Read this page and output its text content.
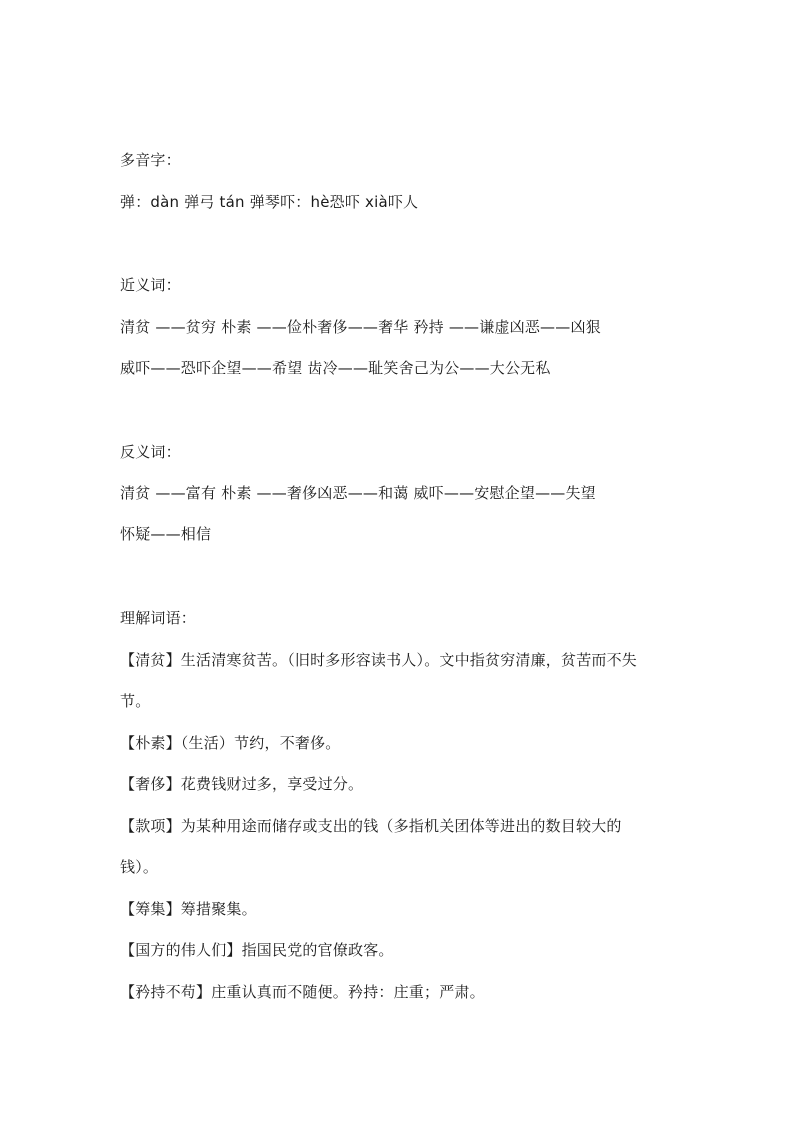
多音字：
弹：dàn 弹弓 tán 弹琴吓：hè恐吓 xià吓人
近义词：
清贫 ——贫穷 朴素 ——俭朴奢侈——奢华 矜持 ——谦虚凶恶——凶狠
威吓——恐吓企望——希望 齿冷——耻笑舍己为公——大公无私
反义词：
清贫 ——富有 朴素 ——奢侈凶恶——和蔼 威吓——安慰企望——失望
怀疑——相信
理解词语：
【清贫】生活清寒贫苦。（旧时多形容读书人）。文中指贫穷清廉，贫苦而不失
节。
【朴素】（生活）节约，不奢侈。
【奢侈】花费钱财过多，享受过分。
【款项】为某种用途而储存或支出的钱（多指机关团体等进出的数目较大的
钱）。
【筹集】筹措聚集。
【国方的伟人们】指国民党的官僚政客。
【矜持不苟】庄重认真而不随便。矜持：庄重；严肃。
